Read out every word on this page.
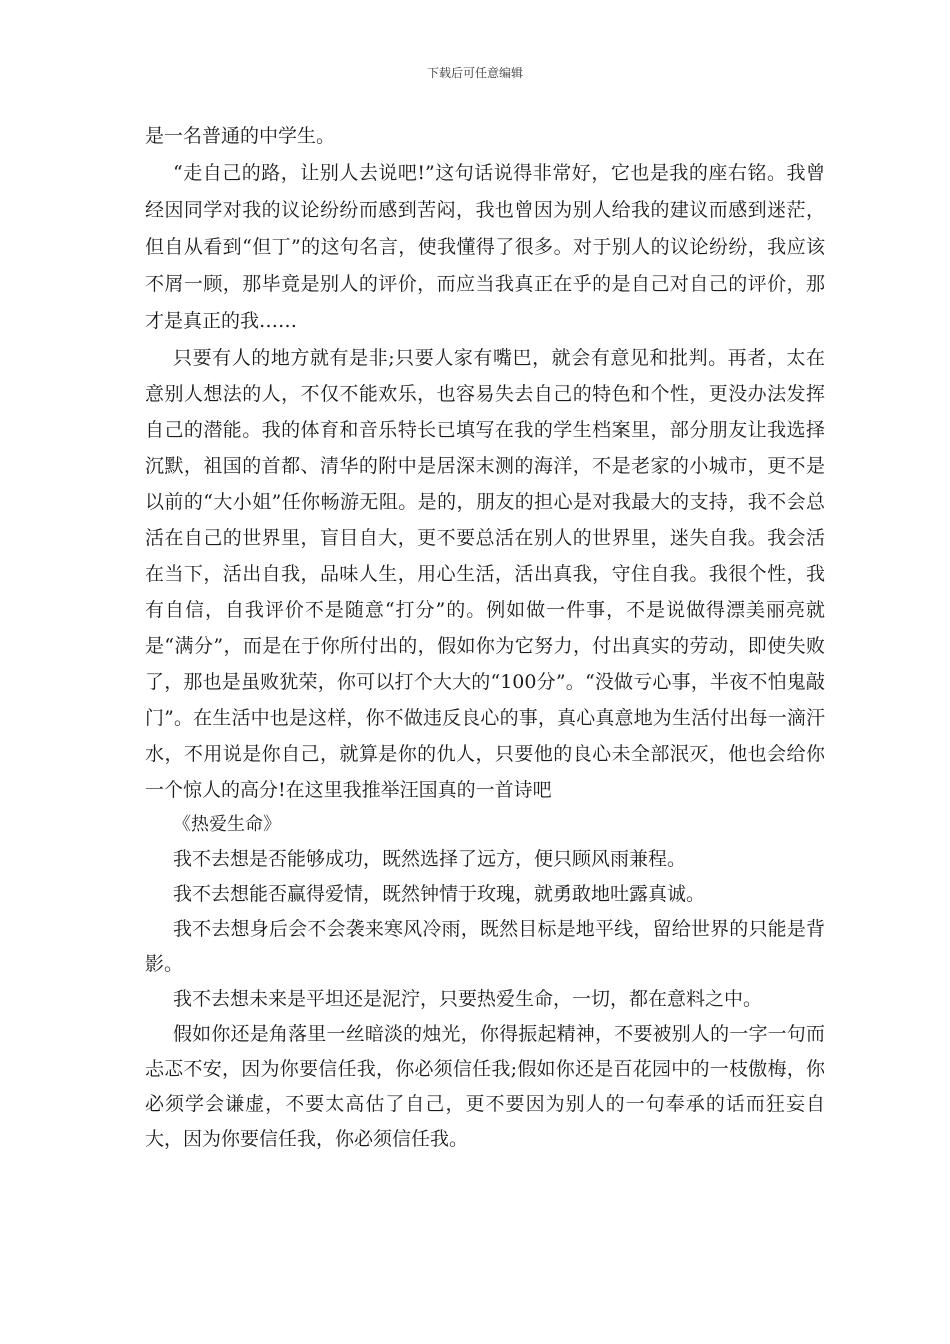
下载后可任意编辑

是一名普通的中学生。

“走自己的路，让别人去说吧!”这句话说得非常好，它也是我的座右铭。我曾经因同学对我的议论纷纷而感到苦闷，我也曾因为别人给我的建议而感到迷茫，但自从看到“但丁”的这句名言，使我懂得了很多。对于别人的议论纷纷，我应该不屑一顾，那毕竟是别人的评价，而应当我真正在乎的是自己对自己的评价，那才是真正的我……

只要有人的地方就有是非;只要人家有嘴巴，就会有意见和批判。再者，太在意别人想法的人，不仅不能欢乐，也容易失去自己的特色和个性，更没办法发挥自己的潜能。我的体育和音乐特长已填写在我的学生档案里，部分朋友让我选择沉默，祖国的首都、清华的附中是居深末测的海洋，不是老家的小城市，更不是以前的“大小姐”任你畅游无阻。是的，朋友的担心是对我最大的支持，我不会总活在自己的世界里，盲目自大，更不要总活在别人的世界里，迷失自我。我会活在当下，活出自我，品味人生，用心生活，活出真我，守住自我。我很个性，我有自信，自我评价不是随意“打分”的。例如做一件事，不是说做得漂美丽亮就是“满分”，而是在于你所付出的，假如你为它努力，付出真实的劳动，即使失败了，那也是虽败犹荣，你可以打个大大的“100分”。“没做亏心事，半夜不怕鬼敲门”。在生活中也是这样，你不做违反良心的事，真心真意地为生活付出每一滴汗水，不用说是你自己，就算是你的仇人，只要他的良心未全部泯灭，他也会给你一个惊人的高分!在这里我推举汪国真的一首诗吧

《热爱生命》

我不去想是否能够成功，既然选择了远方，便只顾风雨兼程。

我不去想能否赢得爱情，既然钟情于玫瑰，就勇敢地吐露真诚。

我不去想身后会不会袭来寒风冷雨，既然目标是地平线，留给世界的只能是背影。

我不去想未来是平坦还是泥泞，只要热爱生命，一切，都在意料之中。

假如你还是角落里一丝暗淡的烛光，你得振起精神，不要被别人的一字一句而忐忑不安，因为你要信任我，你必须信任我;假如你还是百花园中的一枝傲梅，你必须学会谦虚，不要太高估了自己，更不要因为别人的一句奉承的话而狂妄自大，因为你要信任我，你必须信任我。
